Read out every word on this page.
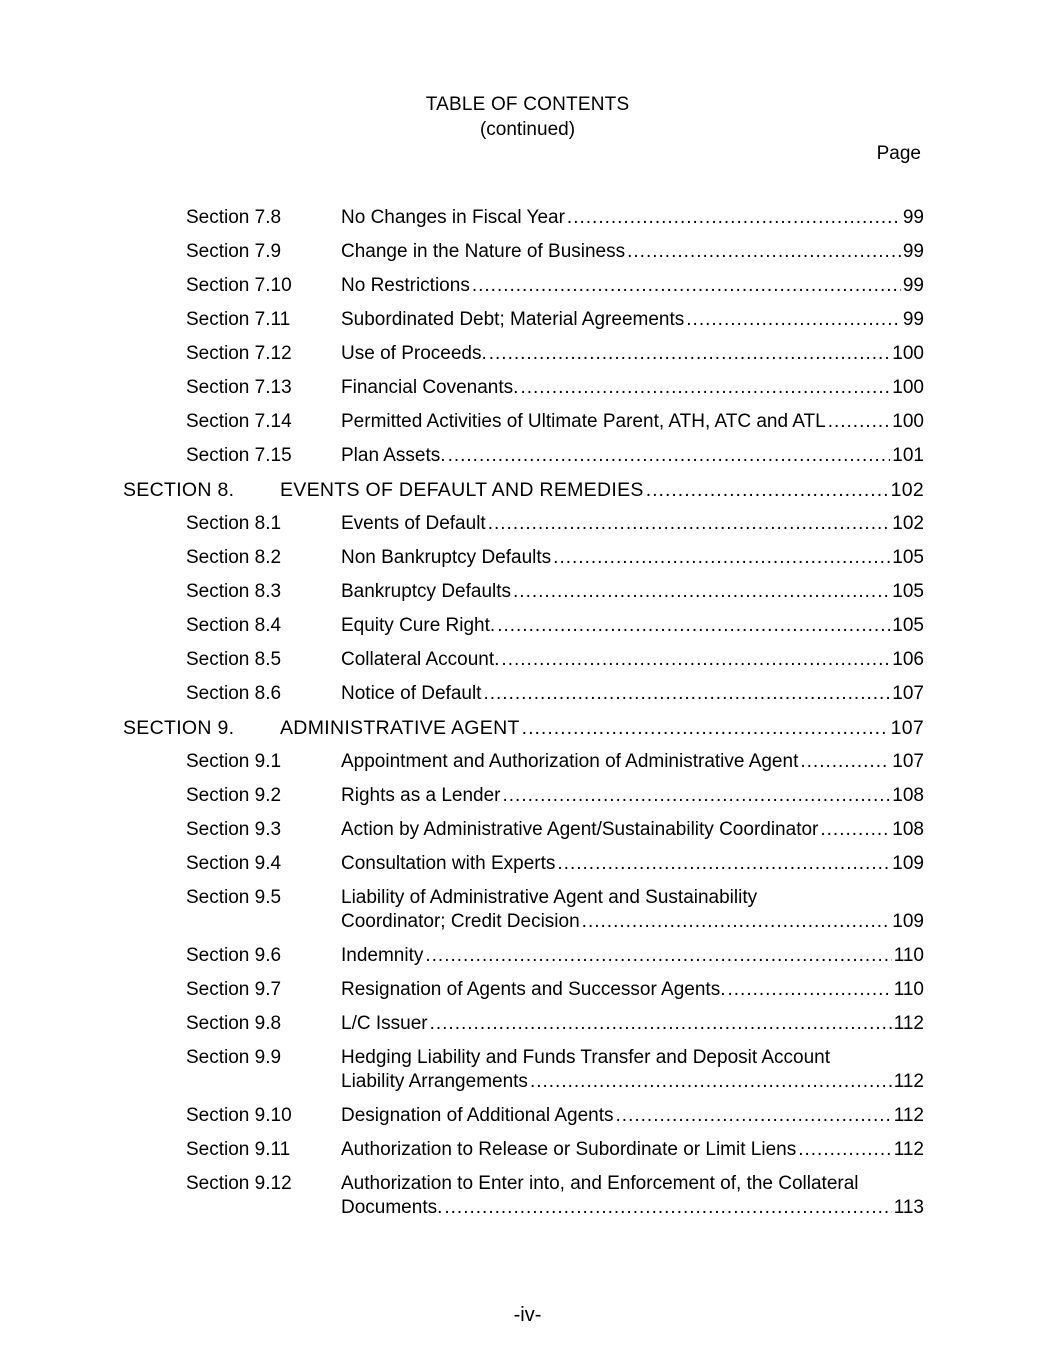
TABLE OF CONTENTS
(continued)
Page
Section 7.8	No Changes in Fiscal Year .....	99
Section 7.9	Change in the Nature of Business .....	99
Section 7.10	No Restrictions .....	99
Section 7.11	Subordinated Debt; Material Agreements .....	99
Section 7.12	Use of Proceeds. .....	100
Section 7.13	Financial Covenants. .....	100
Section 7.14	Permitted Activities of Ultimate Parent, ATH, ATC and ATL .....	100
Section 7.15	Plan Assets. .....	101
SECTION 8. EVENTS OF DEFAULT AND REMEDIES .....	102
Section 8.1	Events of Default .....	102
Section 8.2	Non Bankruptcy Defaults .....	105
Section 8.3	Bankruptcy Defaults .....	105
Section 8.4	Equity Cure Right. .....	105
Section 8.5	Collateral Account. .....	106
Section 8.6	Notice of Default .....	107
SECTION 9. ADMINISTRATIVE AGENT .....	107
Section 9.1	Appointment and Authorization of Administrative Agent .....	107
Section 9.2	Rights as a Lender .....	108
Section 9.3	Action by Administrative Agent/Sustainability Coordinator .....	108
Section 9.4	Consultation with Experts .....	109
Section 9.5	Liability of Administrative Agent and Sustainability
Coordinator; Credit Decision .....	109
Section 9.6	Indemnity .....	110
Section 9.7	Resignation of Agents and Successor Agents. .....	110
Section 9.8	L/C Issuer .....	112
Section 9.9	Hedging Liability and Funds Transfer and Deposit Account
Liability Arrangements .....	112
Section 9.10	Designation of Additional Agents .....	112
Section 9.11	Authorization to Release or Subordinate or Limit Liens .....	112
Section 9.12	Authorization to Enter into, and Enforcement of, the Collateral
Documents. .....	113
-iv-
